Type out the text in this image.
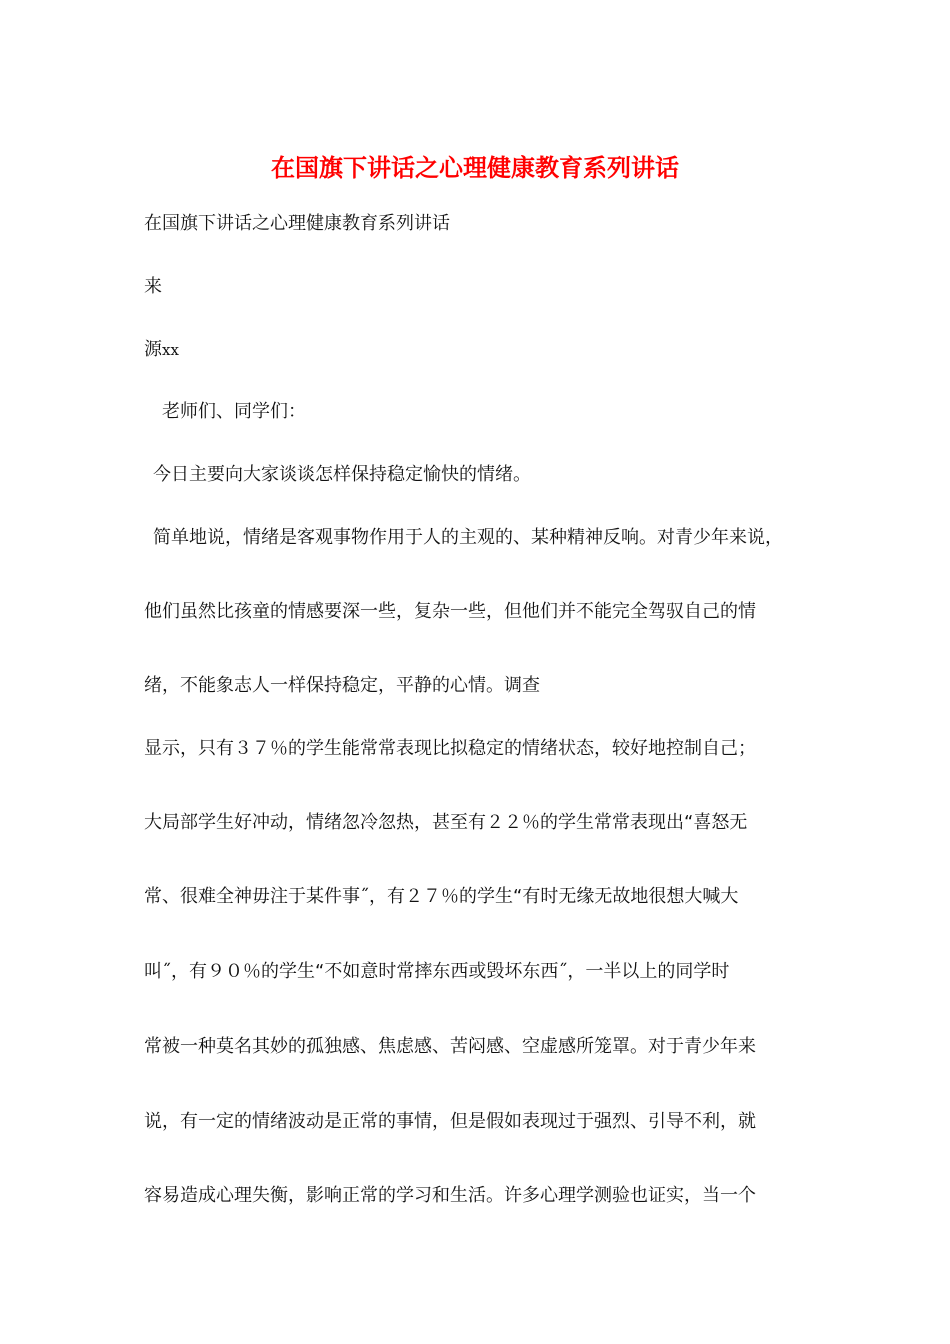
在国旗下讲话之心理健康教育系列讲话
在国旗下讲话之心理健康教育系列讲话
来
源xx
老师们、同学们：
今日主要向大家谈谈怎样保持稳定愉快的情绪。
简单地说，情绪是客观事物作用于人的主观的、某种精神反响。对青少年来说，
他们虽然比孩童的情感要深一些，复杂一些，但他们并不能完全驾驭自己的情
绪，不能象志人一样保持稳定，平静的心情。调查
显示，只有３７％的学生能常常表现比拟稳定的情绪状态，较好地控制自己；
大局部学生好冲动，情绪忽冷忽热，甚至有２２％的学生常常表现出“喜怒无
常、很难全神毋注于某件事˝，有２７％的学生“有时无缘无故地很想大喊大
叫˝，有９０％的学生“不如意时常摔东西或毁坏东西˝，一半以上的同学时
常被一种莫名其妙的孤独感、焦虑感、苦闷感、空虚感所笼罩。对于青少年来
说，有一定的情绪波动是正常的事情，但是假如表现过于强烈、引导不利，就
容易造成心理失衡，影响正常的学习和生活。许多心理学测验也证实，当一个
